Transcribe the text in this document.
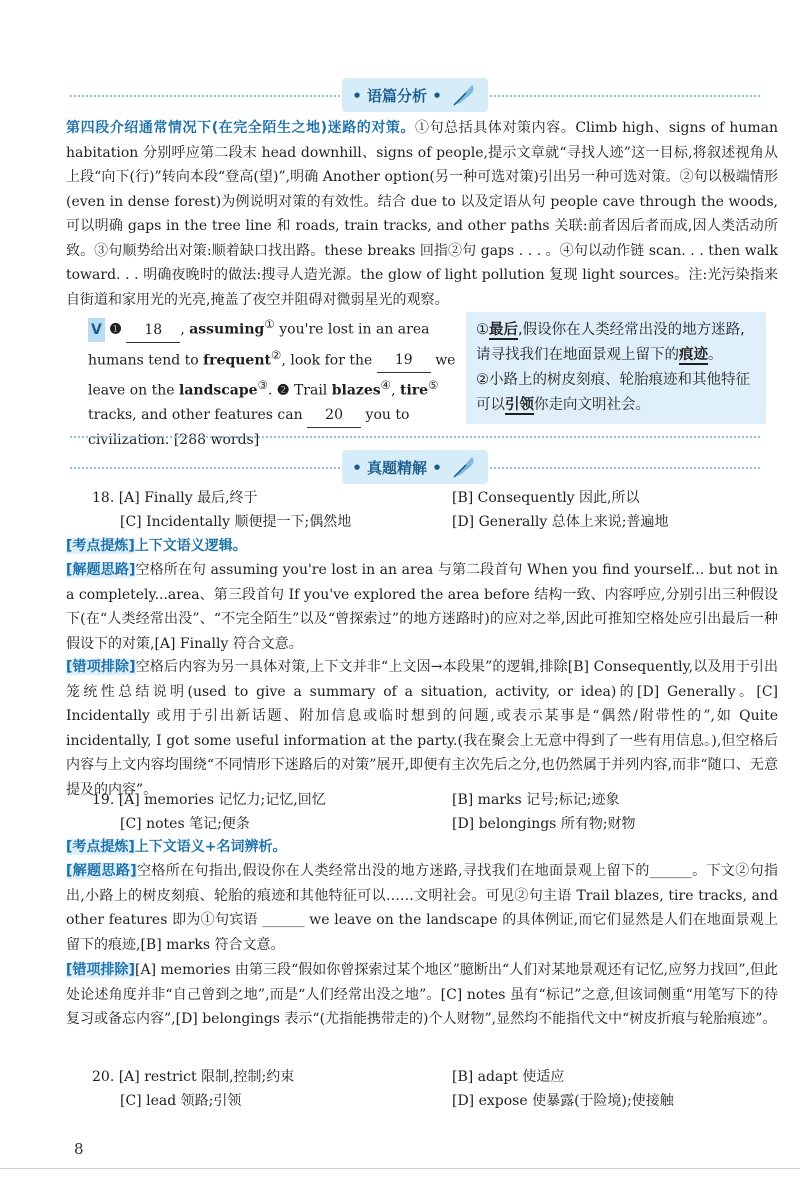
• 语篇分析 •
第四段介绍通常情况下(在完全陌生之地)迷路的对策。①句总括具体对策内容。Climb high、signs of human habitation 分别呼应第二段末 head downhill、signs of people,提示文章就“寻找人迹”这一目标,将叙述视角从上段“向下(行)”转向本段“登高(望)”,明确 Another option(另一种可选对策)引出另一种可选对策。②句以极端情形(even in dense forest)为例说明对策的有效性。结合 due to 以及定语从句 people cave through the woods,可以明确 gaps in the tree line 和 roads, train tracks, and other paths 关联:前者因后者而成,因人类活动所致。③句顺势给出对策:顺着缺口找出路。these breaks 回指②句 gaps . . . 。④句以动作链 scan. . . then walk toward. . . 明确夜晚时的做法:搜寻人造光源。the glow of light pollution 复现 light sources。注:光污染指来自街道和家用光的光亮,掩盖了夜空并阻碍对微弱星光的观察。
V ❶ 18 , assuming① you're lost in an area humans tend to frequent②, look for the 19 we leave on the landscape③. ❷ Trail blazes④, tire⑤ tracks, and other features can 20 you to civilization. [288 words]
①最后,假设你在人类经常出没的地方迷路,请寻找我们在地面景观上留下的痕迹。
②小路上的树皮刻痕、轮胎痕迹和其他特征可以引领你走向文明社会。
• 真题精解 •
18. [A] Finally 最后,终于	[B] Consequently 因此,所以
[C] Incidentally 顺便提一下;偶然地	[D] Generally 总体上来说;普遍地
[考点提炼]上下文语义逻辑。
[解题思路]空格所在句 assuming you're lost in an area 与第二段首句 When you find yourself... but not in a completely...area、第三段首句 If you've explored the area before 结构一致、内容呼应,分别引出三种假设下(在“人类经常出没”、“不完全陌生”以及“曾探索过”的地方迷路时)的应对之举,因此可推知空格处应引出最后一种假设下的对策,[A] Finally 符合文意。
[错项排除]空格后内容为另一具体对策,上下文并非“上文因→本段果”的逻辑,排除[B] Consequently,以及用于引出笼统性总结说明(used to give a summary of a situation, activity, or idea)的[D] Generally。[C] Incidentally 或用于引出新话题、附加信息或临时想到的问题,或表示某事是“偶然/附带性的”,如 Quite incidentally, I got some useful information at the party.(我在聚会上无意中得到了一些有用信息。),但空格后内容与上文内容均围绕“不同情形下迷路后的对策”展开,即便有主次先后之分,也仍然属于并列内容,而非“随口、无意提及的内容”。
19. [A] memories 记忆力;记忆,回忆	[B] marks 记号;标记;迹象
[C] notes 笔记;便条	[D] belongings 所有物;财物
[考点提炼]上下文语义+名词辨析。
[解题思路]空格所在句指出,假设你在人类经常出没的地方迷路,寻找我们在地面景观上留下的______。下文②句指出,小路上的树皮刻痕、轮胎的痕迹和其他特征可以……文明社会。可见②句主语 Trail blazes, tire tracks, and other features 即为①句宾语 ______ we leave on the landscape 的具体例证,而它们显然是人们在地面景观上留下的痕迹,[B] marks 符合文意。
[错项排除][A] memories 由第三段“假如你曾探索过某个地区”臆断出“人们对某地景观还有记忆,应努力找回”,但此处论述角度并非“自己曾到之地”,而是“人们经常出没之地”。[C] notes 虽有“标记”之意,但该词侧重“用笔写下的待复习或备忘内容”,[D] belongings 表示“(尤指能携带走的)个人财物”,显然均不能指代文中“树皮折痕与轮胎痕迹”。
20. [A] restrict 限制,控制;约束	[B] adapt 使适应
[C] lead 领路;引领	[D] expose 使暴露(于险境);使接触
8
